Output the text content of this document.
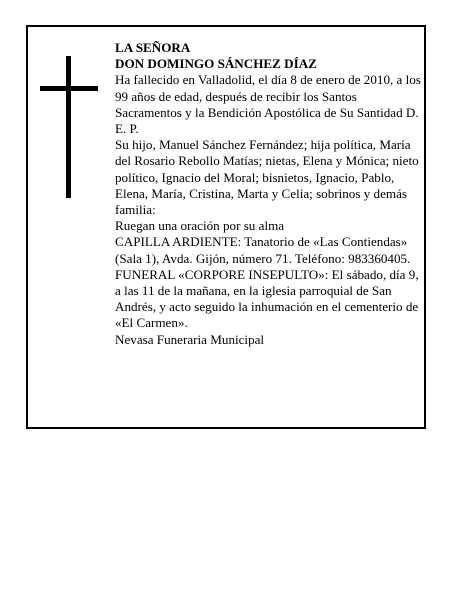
LA SEÑORA

DON DOMINGO SÁNCHEZ DÍAZ

Ha fallecido en Valladolid, el día 8 de enero de 2010, a los 99 años de edad, después de recibir los Santos Sacramentos y la Bendición Apostólica de Su Santidad D. E. P.

Su hijo, Manuel Sánchez Fernández; hija política, María del Rosario Rebollo Matías; nietas, Elena y Mónica; nieto político, Ignacio del Moral; bisnietos, Ignacio, Pablo, Elena, María, Cristina, Marta y Celia; sobrinos y demás familia:

Ruegan una oración por su alma

CAPILLA ARDIENTE: Tanatorio de «Las Contiendas» (Sala 1), Avda. Gijón, número 71. Teléfono: 983360405.

FUNERAL «CORPORE INSEPULTO»: El sábado, día 9, a las 11 de la mañana, en la iglesia parroquial de San Andrés, y acto seguido la inhumación en el cementerio de «El Carmen».

Nevasa Funeraria Municipal
